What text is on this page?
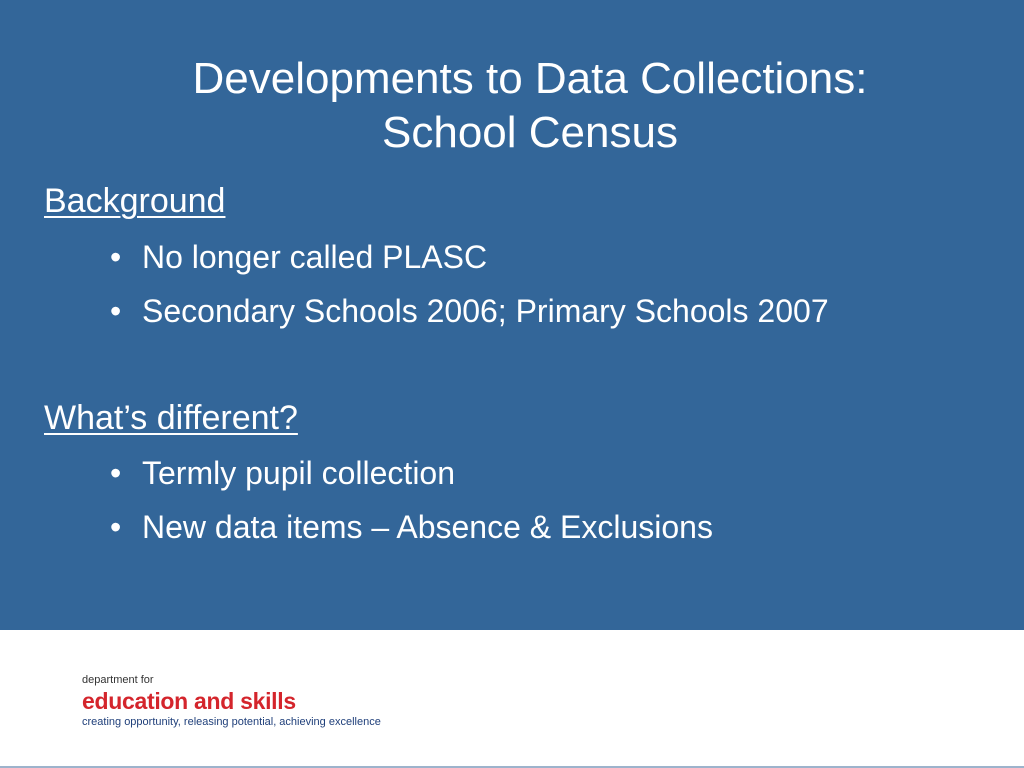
Developments to Data Collections:
School Census
Background
• No longer called PLASC
• Secondary Schools 2006; Primary Schools 2007
What’s different?
• Termly pupil collection
• New data items – Absence & Exclusions
department for
education and skills
creating opportunity, releasing potential, achieving excellence
